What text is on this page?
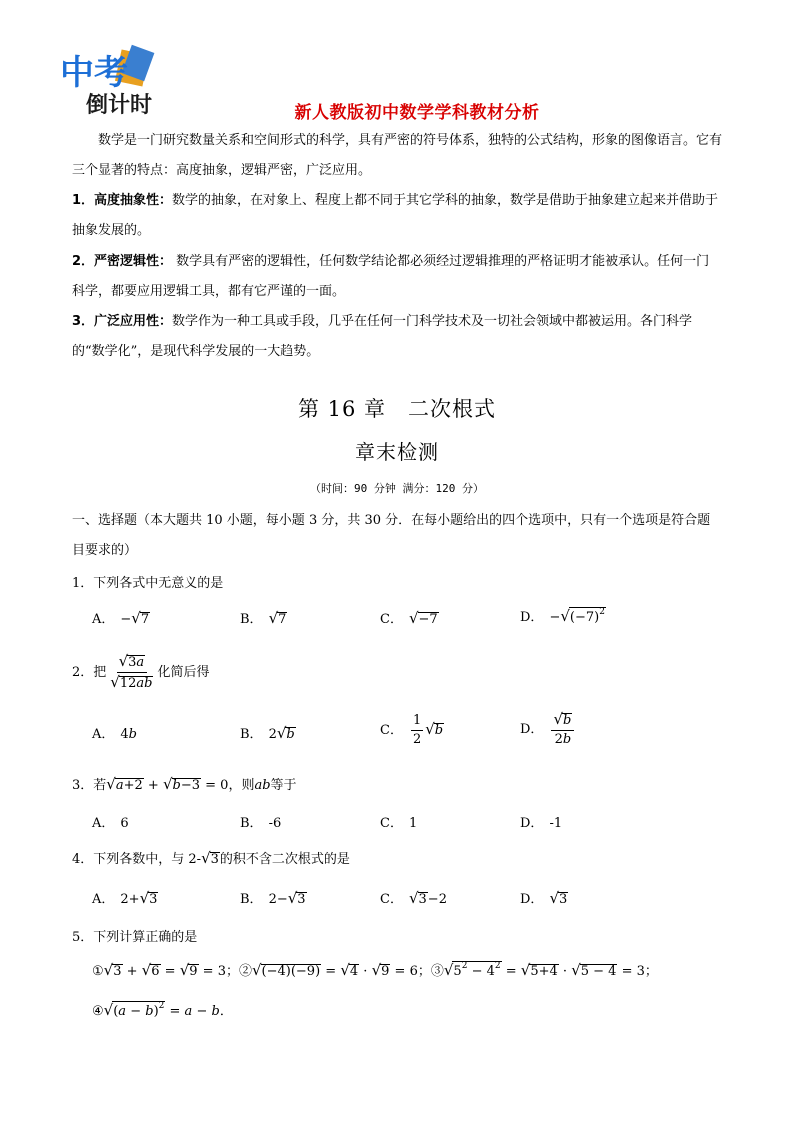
中考
倒计时	新人教版初中数学学科教材分析
数学是一门研究数量关系和空间形式的科学，具有严密的符号体系，独特的公式结构，形象的图像语言。它有三个显著的特点：高度抽象，逻辑严密，广泛应用。
1．高度抽象性：数学的抽象，在对象上、程度上都不同于其它学科的抽象，数学是借助于抽象建立起来并借助于抽象发展的。
2．严密逻辑性： 数学具有严密的逻辑性，任何数学结论都必须经过逻辑推理的严格证明才能被承认。任何一门科学，都要应用逻辑工具，都有它严谨的一面。
3．广泛应用性：数学作为一种工具或手段，几乎在任何一门科学技术及一切社会领域中都被运用。各门科学的“数学化”，是现代科学发展的一大趋势。
第 16 章 二次根式
章末检测
（时间：90 分钟 满分：120 分）
一、选择题（本大题共 10 小题，每小题 3 分，共 30 分．在每小题给出的四个选项中，只有一个选项是符合题目要求的）
1．下列各式中无意义的是
A． −√7	B． √7	C． √−7	D． $-√(-7)^2$
2．把 $\frac{√3a}{√12ab}$ 化简后得
A． 4b	B． 2√b	C． $\frac{1}{2} √b$	D． $\frac{√b}{2b}$
3．若√a+2 + √b−3 = 0，则ab等于
A． 6	B． -6	C． 1	D． -1
4．下列各数中，与 2-√3的积不含二次根式的是
A． 2+√3	B． 2−√3	C． √3−2	D． √3
5．下列计算正确的是
①√3 + √6 = √9 = 3；②√(−4)(−9) = √4 · √9 = 6；$③√5^2 - 4^2 = √5+4 \cdot √5 - 4 = 3$；
④√(a − b)$^2$ = a − b．
